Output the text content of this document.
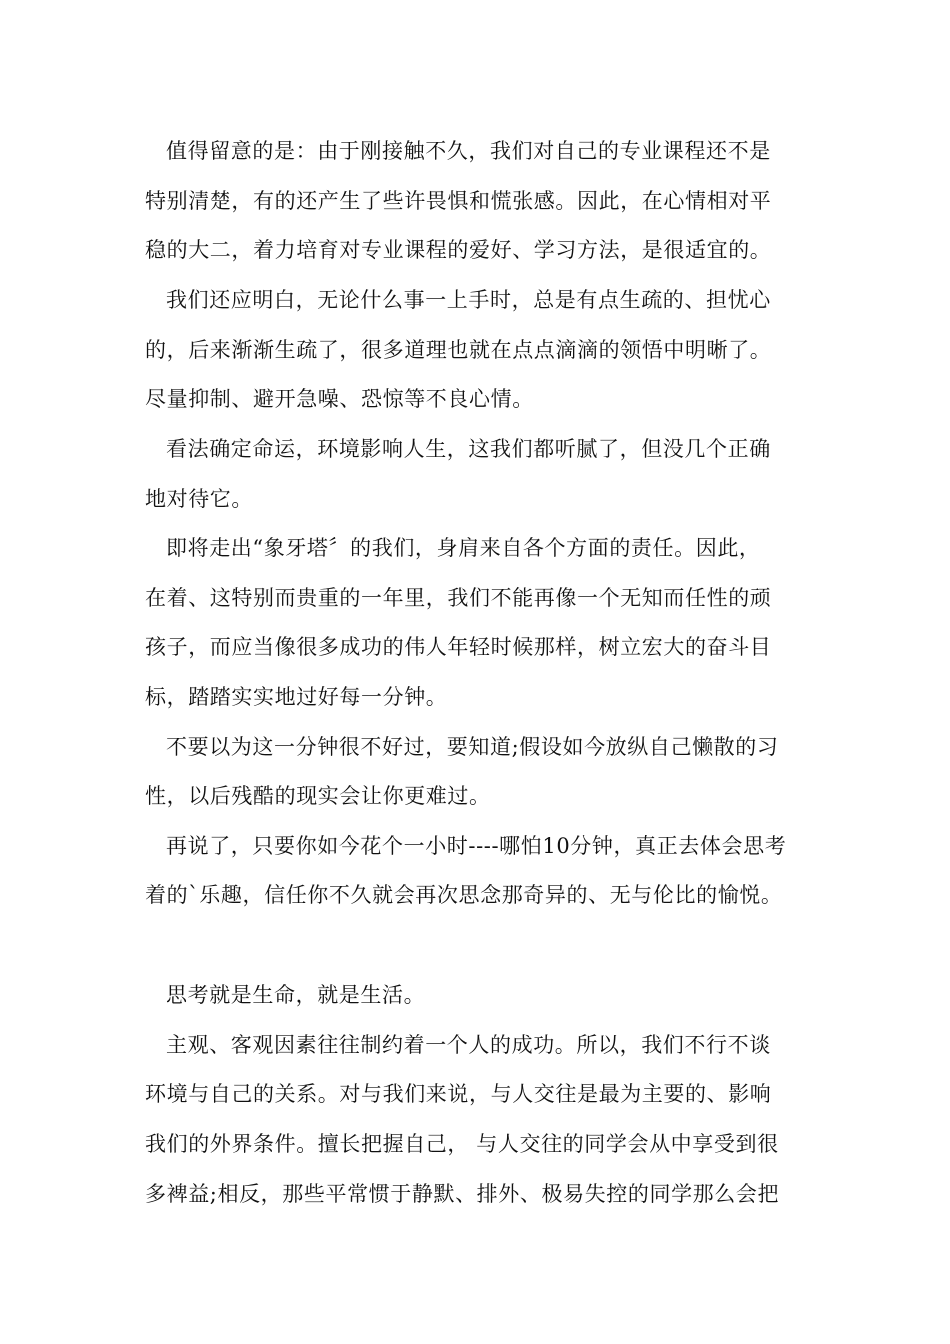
值得留意的是：由于刚接触不久，我们对自己的专业课程还不是
特别清楚，有的还产生了些许畏惧和慌张感。因此，在心情相对平
稳的大二，着力培育对专业课程的爱好、学习方法，是很适宜的。
我们还应明白，无论什么事一上手时，总是有点生疏的、担忧心
的，后来渐渐生疏了，很多道理也就在点点滴滴的领悟中明晰了。
尽量抑制、避开急噪、恐惊等不良心情。
看法确定命运，环境影响人生，这我们都听腻了，但没几个正确
地对待它。
即将走出“象牙塔〞的我们，身肩来自各个方面的责任。因此，
在着、这特别而贵重的一年里，我们不能再像一个无知而任性的顽
孩子，而应当像很多成功的伟人年轻时候那样，树立宏大的奋斗目
标，踏踏实实地过好每一分钟。
不要以为这一分钟很不好过，要知道;假设如今放纵自己懒散的习
性，以后残酷的现实会让你更难过。
再说了，只要你如今花个一小时----哪怕10分钟，真正去体会思考
着的`乐趣，信任你不久就会再次思念那奇异的、无与伦比的愉悦。
思考就是生命，就是生活。
主观、客观因素往往制约着一个人的成功。所以，我们不行不谈
环境与自己的关系。对与我们来说，与人交往是最为主要的、影响
我们的外界条件。擅长把握自己， 与人交往的同学会从中享受到很
多裨益;相反，那些平常惯于静默、排外、极易失控的同学那么会把
